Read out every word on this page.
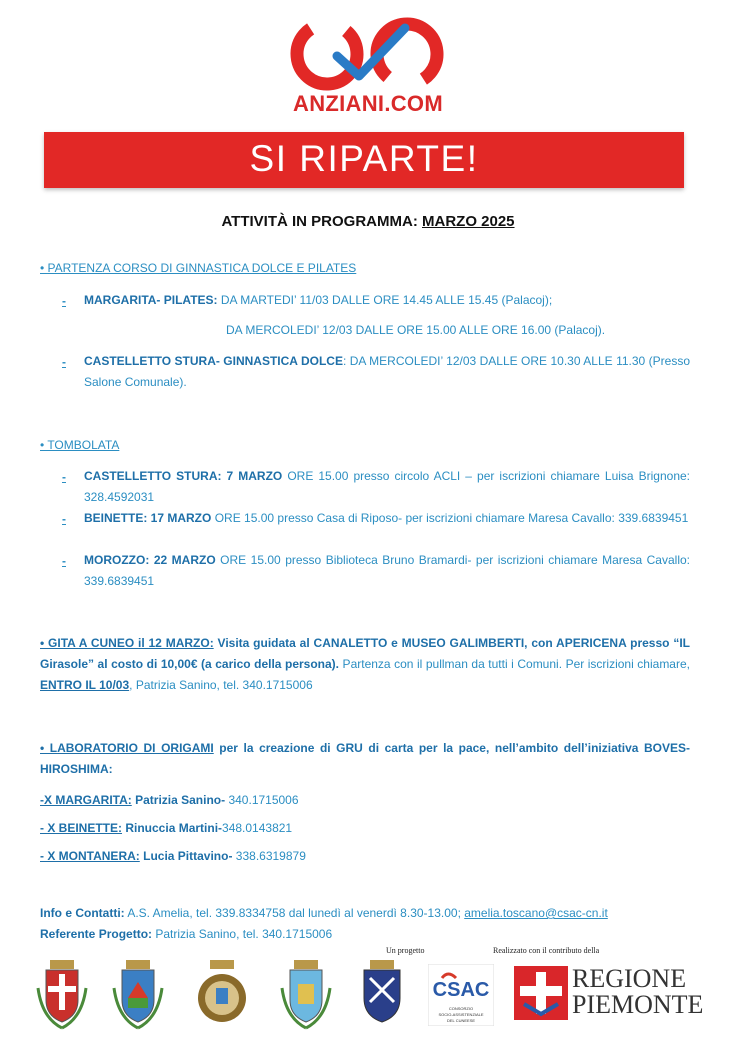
ANZIANI.COM
SI RIPARTE!
ATTIVITÀ IN PROGRAMMA: MARZO 2025
• PARTENZA CORSO DI GINNASTICA DOLCE E PILATES
- MARGARITA- PILATES: DA MARTEDI’ 11/03 DALLE ORE 14.45 ALLE 15.45 (Palacoj);
DA MERCOLEDI’ 12/03 DALLE ORE 15.00 ALLE ORE 16.00 (Palacoj).
- CASTELLETTO STURA- GINNASTICA DOLCE: DA MERCOLEDI’ 12/03 DALLE ORE 10.30 ALLE 11.30 (Presso Salone Comunale).
• TOMBOLATA
- CASTELLETTO STURA: 7 MARZO ORE 15.00 presso circolo ACLI – per iscrizioni chiamare Luisa Brignone: 328.4592031
- BEINETTE: 17 MARZO ORE 15.00 presso Casa di Riposo- per iscrizioni chiamare Maresa Cavallo: 339.6839451
- MOROZZO: 22 MARZO ORE 15.00 presso Biblioteca Bruno Bramardi- per iscrizioni chiamare Maresa Cavallo: 339.6839451
• GITA A CUNEO il 12 MARZO: Visita guidata al CANALETTO e MUSEO GALIMBERTI, con APERICENA presso “IL Girasole” al costo di 10,00€ (a carico della persona). Partenza con il pullman da tutti i Comuni. Per iscrizioni chiamare, ENTRO IL 10/03, Patrizia Sanino, tel. 340.1715006
• LABORATORIO DI ORIGAMI per la creazione di GRU di carta per la pace, nell’ambito dell’iniziativa BOVES-HIROSHIMA:
-X MARGARITA: Patrizia Sanino- 340.1715006
- X BEINETTE: Rinuccia Martini-348.0143821
- X MONTANERA: Lucia Pittavino- 338.6319879
Info e Contatti: A.S. Amelia, tel. 339.8334758 dal lunedì al venerdì 8.30-13.00; amelia.toscano@csac-cn.it
Referente Progetto: Patrizia Sanino, tel. 340.1715006
Un progetto	Realizzato con il contributo della
CSAC
CONSORZIO
SOCIO-ASSISTENZIALE
DEL CUNEESE
REGIONE
PIEMONTE
